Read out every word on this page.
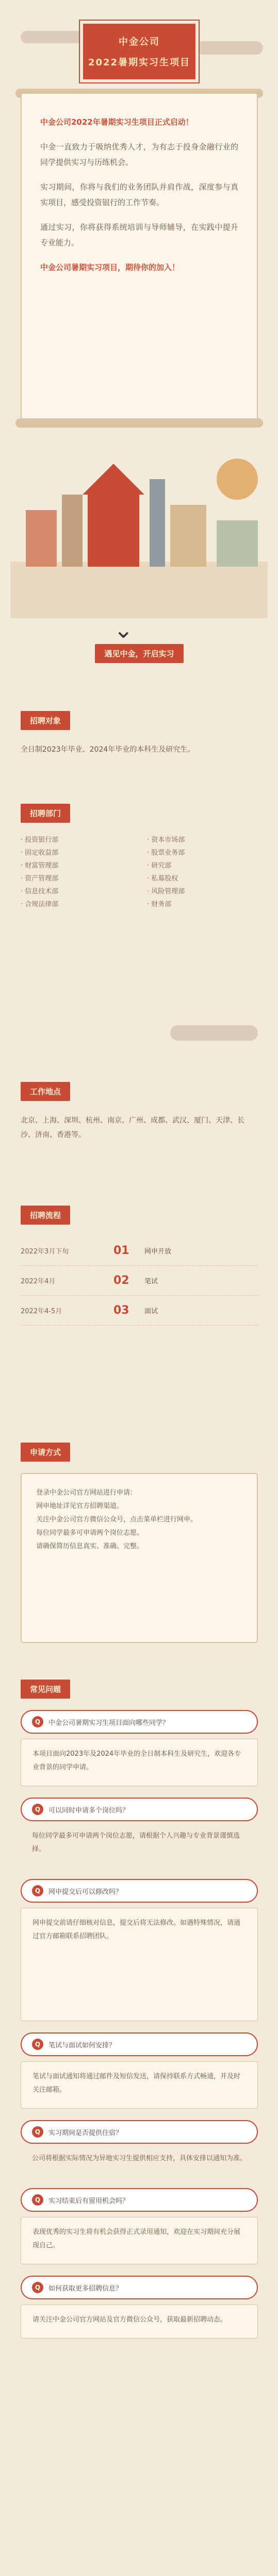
中金公司
2022暑期实习生项目

中金公司2022年暑期实习生项目正式启动！

中金一直致力于吸纳优秀人才，为有志于投身金融行业的同学提供实习与历练机会。

实习期间，你将与我们的业务团队并肩作战，深度参与真实项目，感受投资银行的工作节奏。

通过实习，你将获得系统培训与导师辅导，在实践中提升专业能力。

中金公司暑期实习项目，期待你的加入！

⌄
遇见中金，开启实习
招聘对象
全日制2023年毕业、2024年毕业的本科生及研究生。
招聘部门
· 投资银行部	· 资本市场部
· 固定收益部	· 股票业务部
· 财富管理部	· 研究部
· 资产管理部	· 私募股权
· 信息技术部	· 风险管理部
· 合规法律部	· 财务部
工作地点
北京、上海、深圳、杭州、南京、广州、成都、武汉、厦门、天津、长沙、济南、香港等。
招聘流程
2022年3月下旬	01	网申开放
2022年4月	02	笔试
2022年4-5月	03	面试
申请方式

登录中金公司官方网站进行申请：

网申地址详见官方招聘渠道。

关注中金公司官方微信公众号，点击菜单栏进行网申。

每位同学最多可申请两个岗位志愿。

请确保简历信息真实、准确、完整。

常见问题
Q	中金公司暑期实习生项目面向哪些同学？
本项目面向2023年及2024年毕业的全日制本科生及研究生，欢迎各专业背景的同学申请。
Q	可以同时申请多个岗位吗？
每位同学最多可申请两个岗位志愿，请根据个人兴趣与专业背景谨慎选择。
Q	网申提交后可以修改吗？
网申提交前请仔细核对信息，提交后将无法修改。如遇特殊情况，请通过官方邮箱联系招聘团队。
Q	笔试与面试如何安排？
笔试与面试通知将通过邮件及短信发送，请保持联系方式畅通，并及时关注邮箱。
Q	实习期间是否提供住宿？
公司将根据实际情况为异地实习生提供相应支持，具体安排以通知为准。
Q	实习结束后有留用机会吗？
表现优秀的实习生将有机会获得正式录用通知，欢迎在实习期间充分展现自己。
Q	如何获取更多招聘信息？
请关注中金公司官方网站及官方微信公众号，获取最新招聘动态。
